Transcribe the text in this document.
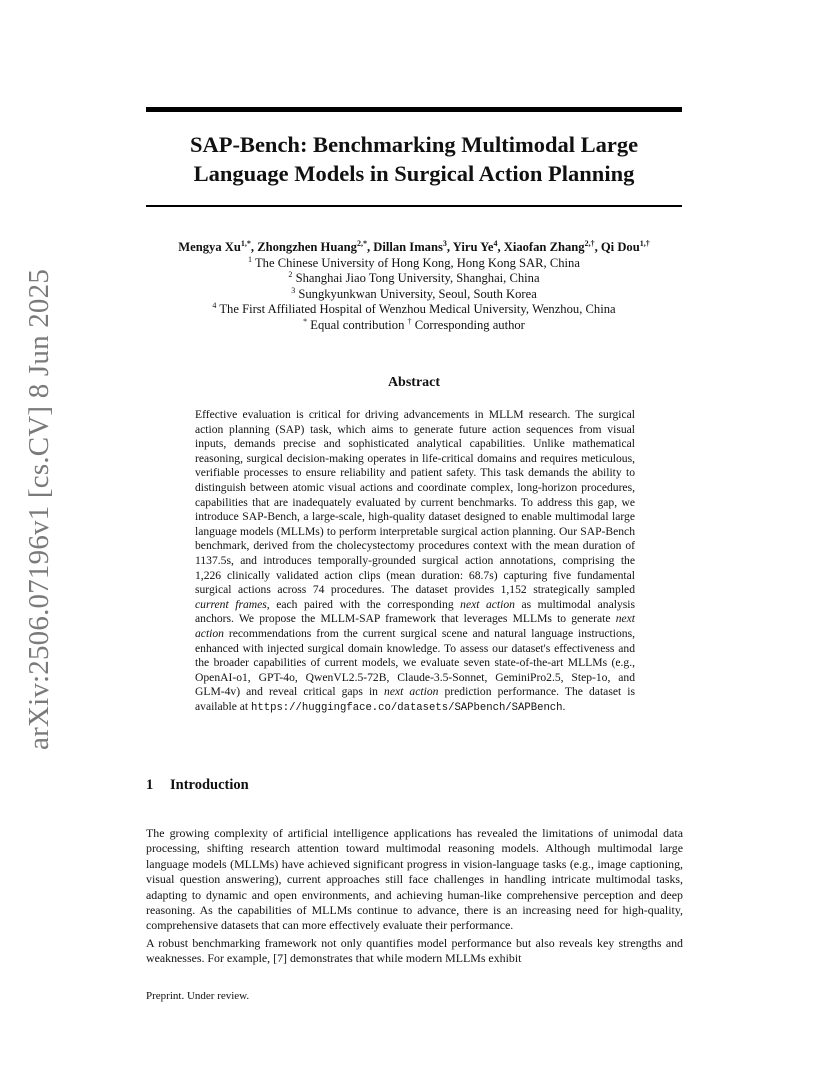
arXiv:2506.07196v1 [cs.CV] 8 Jun 2025
SAP-Bench: Benchmarking Multimodal Large
Language Models in Surgical Action Planning
Mengya $Xu^{1,*}$, Zhongzhen Huang$^{2,*}$, Dillan Imans$^3$, Yiru Ye$^4$, Xiaofan Zhang$^{2,\dagger}$, Qi Dou$^{1,\dagger}$
$^1$ The Chinese University of Hong Kong, Hong Kong SAR, China
$^2$ Shanghai Jiao Tong University, Shanghai, China
$^3$ Sungkyunkwan University, Seoul, South Korea
$^4$ The First Affiliated Hospital of Wenzhou Medical University, Wenzhou, China
* Equal contribution † Corresponding author
Abstract
Effective evaluation is critical for driving advancements in MLLM research. The surgical action planning (SAP) task, which aims to generate future action sequences from visual inputs, demands precise and sophisticated analytical capabilities. Unlike mathematical reasoning, surgical decision-making operates in life-critical domains and requires meticulous, verifiable processes to ensure reliability and patient safety. This task demands the ability to distinguish between atomic visual actions and coordinate complex, long-horizon procedures, capabilities that are inadequately evaluated by current benchmarks. To address this gap, we introduce SAP-Bench, a large-scale, high-quality dataset designed to enable multimodal large language models (MLLMs) to perform interpretable surgical action planning. Our SAP-Bench benchmark, derived from the cholecystectomy procedures context with the mean duration of 1137.5s, and introduces temporally-grounded surgical action annotations, comprising the 1,226 clinically validated action clips (mean duration: 68.7s) capturing five fundamental surgical actions across 74 procedures. The dataset provides 1,152 strategically sampled current frames, each paired with the corresponding next action as multimodal analysis anchors. We propose the MLLM-SAP framework that leverages MLLMs to generate next action recommendations from the current surgical scene and natural language instructions, enhanced with injected surgical domain knowledge. To assess our dataset's effectiveness and the broader capabilities of current models, we evaluate seven state-of-the-art MLLMs (e.g., OpenAI-o1, GPT-4o, QwenVL2.5-72B, Claude-3.5-Sonnet, GeminiPro2.5, Step-1o, and GLM-4v) and reveal critical gaps in next action prediction performance. The dataset is available at https://huggingface.co/datasets/SAPbench/SAPBench.
1 Introduction
The growing complexity of artificial intelligence applications has revealed the limitations of unimodal data processing, shifting research attention toward multimodal reasoning models. Although multimodal large language models (MLLMs) have achieved significant progress in vision-language tasks (e.g., image captioning, visual question answering), current approaches still face challenges in handling intricate multimodal tasks, adapting to dynamic and open environments, and achieving human-like comprehensive perception and deep reasoning. As the capabilities of MLLMs continue to advance, there is an increasing need for high-quality, comprehensive datasets that can more effectively evaluate their performance.
A robust benchmarking framework not only quantifies model performance but also reveals key strengths and weaknesses. For example, [7] demonstrates that while modern MLLMs exhibit
Preprint. Under review.
